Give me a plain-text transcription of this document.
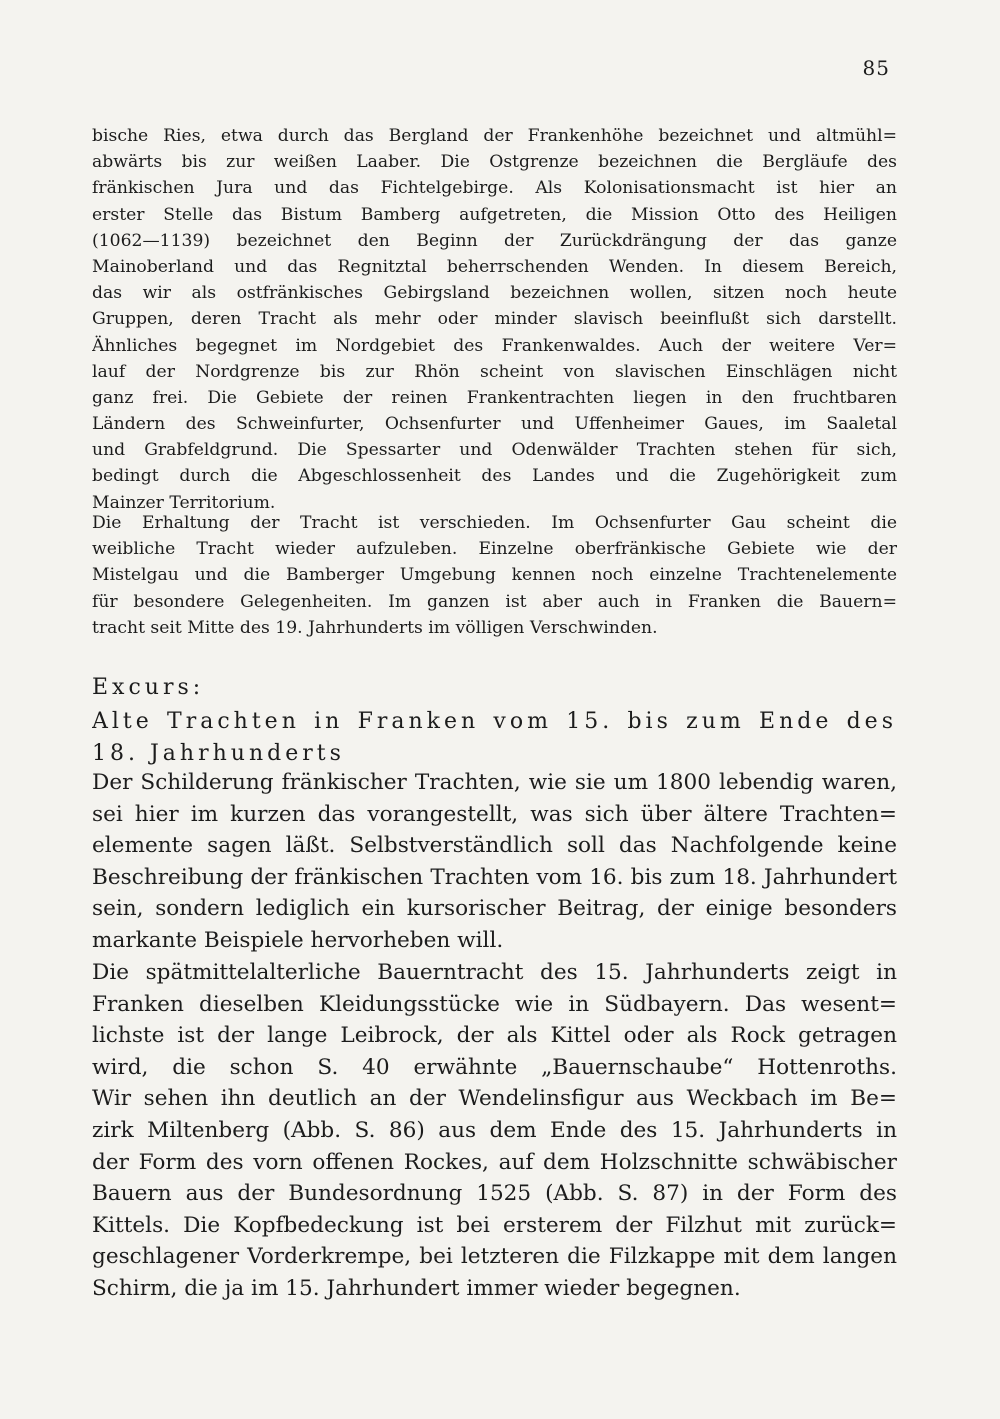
85
bische Ries, etwa durch das Bergland der Frankenhöhe bezeichnet und altmühl=
abwärts bis zur weißen Laaber. Die Ostgrenze bezeichnen die Bergläufe des
fränkischen Jura und das Fichtelgebirge. Als Kolonisationsmacht ist hier an
erster Stelle das Bistum Bamberg aufgetreten, die Mission Otto des Heiligen
(1062—1139) bezeichnet den Beginn der Zurückdrängung der das ganze
Mainoberland und das Regnitztal beherrschenden Wenden. In diesem Bereich,
das wir als ostfränkisches Gebirgsland bezeichnen wollen, sitzen noch heute
Gruppen, deren Tracht als mehr oder minder slavisch beeinflußt sich darstellt.
Ähnliches begegnet im Nordgebiet des Frankenwaldes. Auch der weitere Ver=
lauf der Nordgrenze bis zur Rhön scheint von slavischen Einschlägen nicht
ganz frei. Die Gebiete der reinen Frankentrachten liegen in den fruchtbaren
Ländern des Schweinfurter, Ochsenfurter und Uffenheimer Gaues, im Saaletal
und Grabfeldgrund. Die Spessarter und Odenwälder Trachten stehen für sich,
bedingt durch die Abgeschlossenheit des Landes und die Zugehörigkeit zum
Mainzer Territorium.
Die Erhaltung der Tracht ist verschieden. Im Ochsenfurter Gau scheint die
weibliche Tracht wieder aufzuleben. Einzelne oberfränkische Gebiete wie der
Mistelgau und die Bamberger Umgebung kennen noch einzelne Trachtenelemente
für besondere Gelegenheiten. Im ganzen ist aber auch in Franken die Bauern=
tracht seit Mitte des 19. Jahrhunderts im völligen Verschwinden.
Excurs:
Alte Trachten in Franken vom 15. bis zum Ende des
18. Jahrhunderts
Der Schilderung fränkischer Trachten, wie sie um 1800 lebendig waren,
sei hier im kurzen das vorangestellt, was sich über ältere Trachten=
elemente sagen läßt. Selbstverständlich soll das Nachfolgende keine
Beschreibung der fränkischen Trachten vom 16. bis zum 18. Jahrhundert
sein, sondern lediglich ein kursorischer Beitrag, der einige besonders
markante Beispiele hervorheben will.
Die spätmittelalterliche Bauerntracht des 15. Jahrhunderts zeigt in
Franken dieselben Kleidungsstücke wie in Südbayern. Das wesent=
lichste ist der lange Leibrock, der als Kittel oder als Rock getragen
wird, die schon S. 40 erwähnte „Bauernschaube“ Hottenroths.
Wir sehen ihn deutlich an der Wendelinsfigur aus Weckbach im Be=
zirk Miltenberg (Abb. S. 86) aus dem Ende des 15. Jahrhunderts in
der Form des vorn offenen Rockes, auf dem Holzschnitte schwäbischer
Bauern aus der Bundesordnung 1525 (Abb. S. 87) in der Form des
Kittels. Die Kopfbedeckung ist bei ersterem der Filzhut mit zurück=
geschlagener Vorderkrempe, bei letzteren die Filzkappe mit dem langen
Schirm, die ja im 15. Jahrhundert immer wieder begegnen.
